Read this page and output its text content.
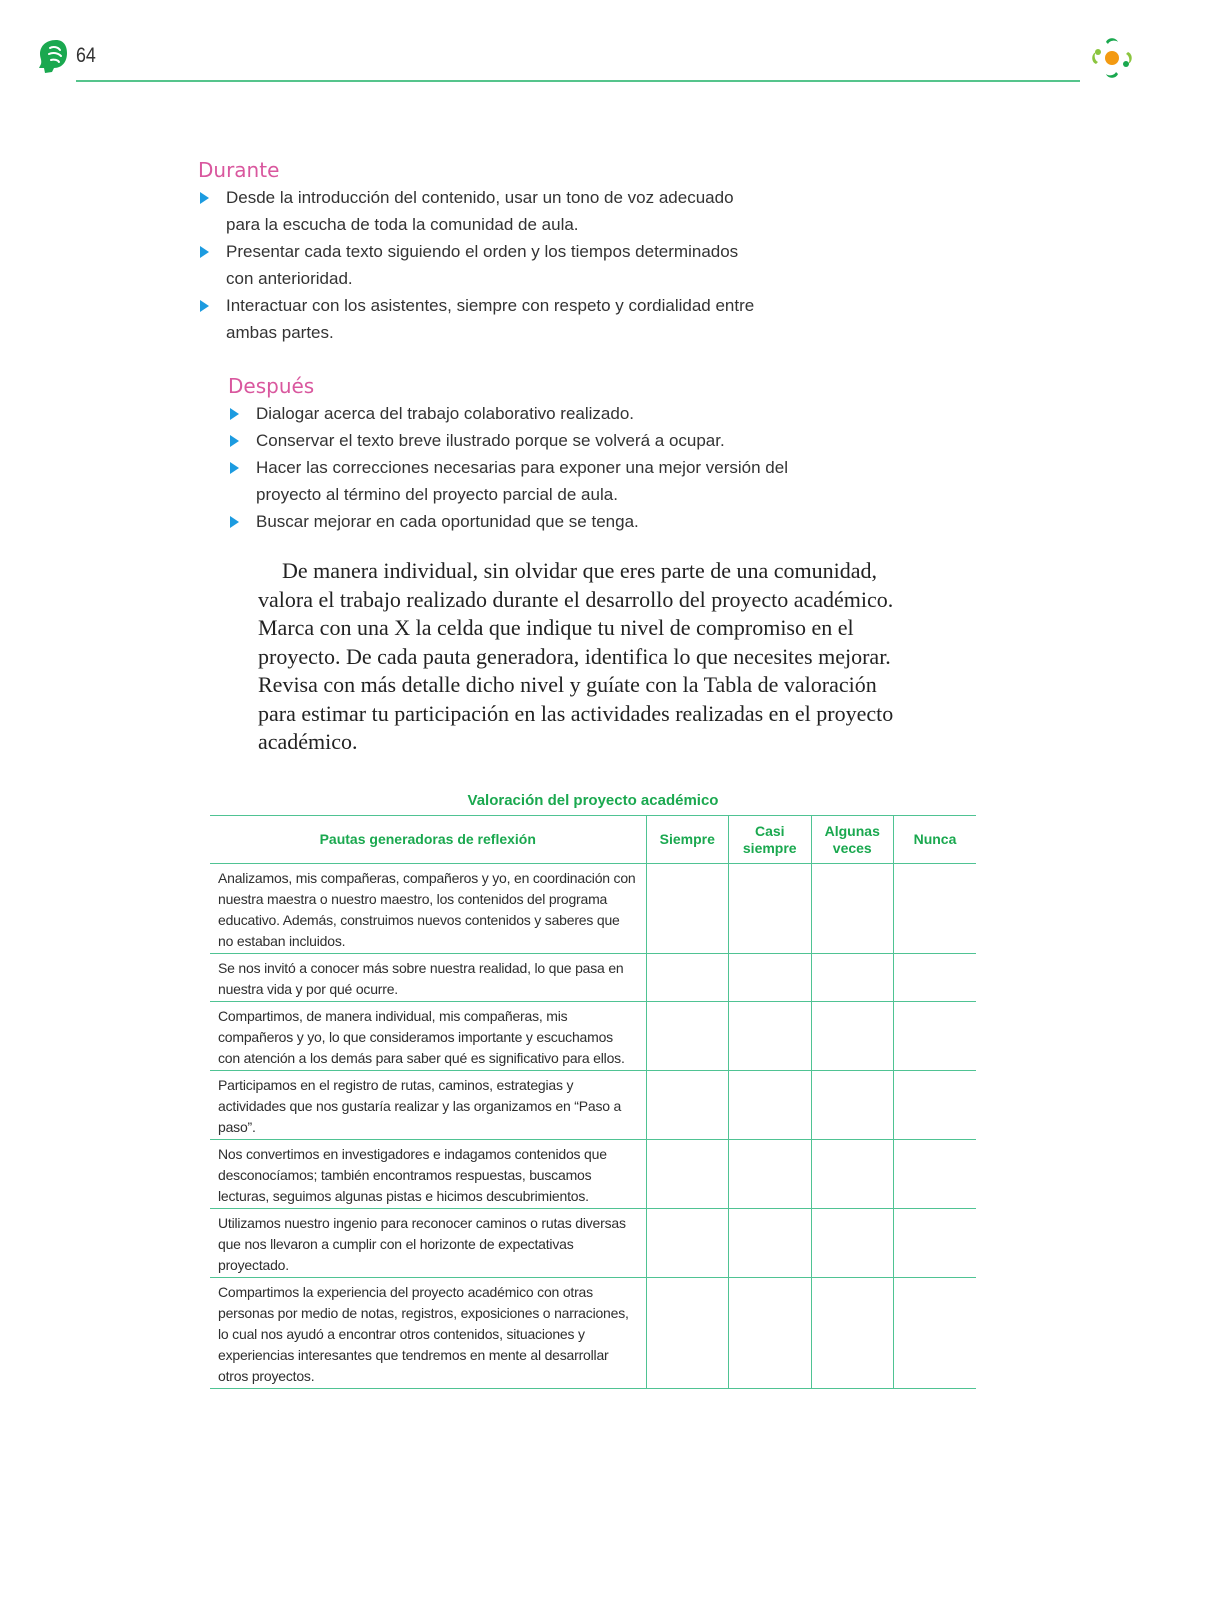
64
Durante
Desde la introducción del contenido, usar un tono de voz adecuado para la escucha de toda la comunidad de aula.
Presentar cada texto siguiendo el orden y los tiempos determinados con anterioridad.
Interactuar con los asistentes, siempre con respeto y cordialidad entre ambas partes.
Después
Dialogar acerca del trabajo colaborativo realizado.
Conservar el texto breve ilustrado porque se volverá a ocupar.
Hacer las correcciones necesarias para exponer una mejor versión del proyecto al término del proyecto parcial de aula.
Buscar mejorar en cada oportunidad que se tenga.

De manera individual, sin olvidar que eres parte de una comunidad, valora el trabajo realizado durante el desarrollo del proyecto académico. Marca con una X la celda que indique tu nivel de compromiso en el proyecto. De cada pauta generadora, identifica lo que necesites mejorar. Revisa con más detalle dicho nivel y guíate con la Tabla de valoración para estimar tu participación en las actividades realizadas en el proyecto académico.

Valoración del proyecto académico
Pautas generadoras de reflexión	Siempre	Casi siempre	Algunas veces	Nunca
Analizamos, mis compañeras, compañeros y yo, en coordinación con nuestra maestra o nuestro maestro, los contenidos del programa educativo. Además, construimos nuevos contenidos y saberes que no estaban incluidos.				
Se nos invitó a conocer más sobre nuestra realidad, lo que pasa en nuestra vida y por qué ocurre.				
Compartimos, de manera individual, mis compañeras, mis compañeros y yo, lo que consideramos importante y escuchamos con atención a los demás para saber qué es significativo para ellos.				
Participamos en el registro de rutas, caminos, estrategias y actividades que nos gustaría realizar y las organizamos en “Paso a paso”.				
Nos convertimos en investigadores e indagamos contenidos que desconocíamos; también encontramos respuestas, buscamos lecturas, seguimos algunas pistas e hicimos descubrimientos.				
Utilizamos nuestro ingenio para reconocer caminos o rutas diversas que nos llevaron a cumplir con el horizonte de expectativas proyectado.				
Compartimos la experiencia del proyecto académico con otras personas por medio de notas, registros, exposiciones o narraciones, lo cual nos ayudó a encontrar otros contenidos, situaciones y experiencias interesantes que tendremos en mente al desarrollar otros proyectos.				
